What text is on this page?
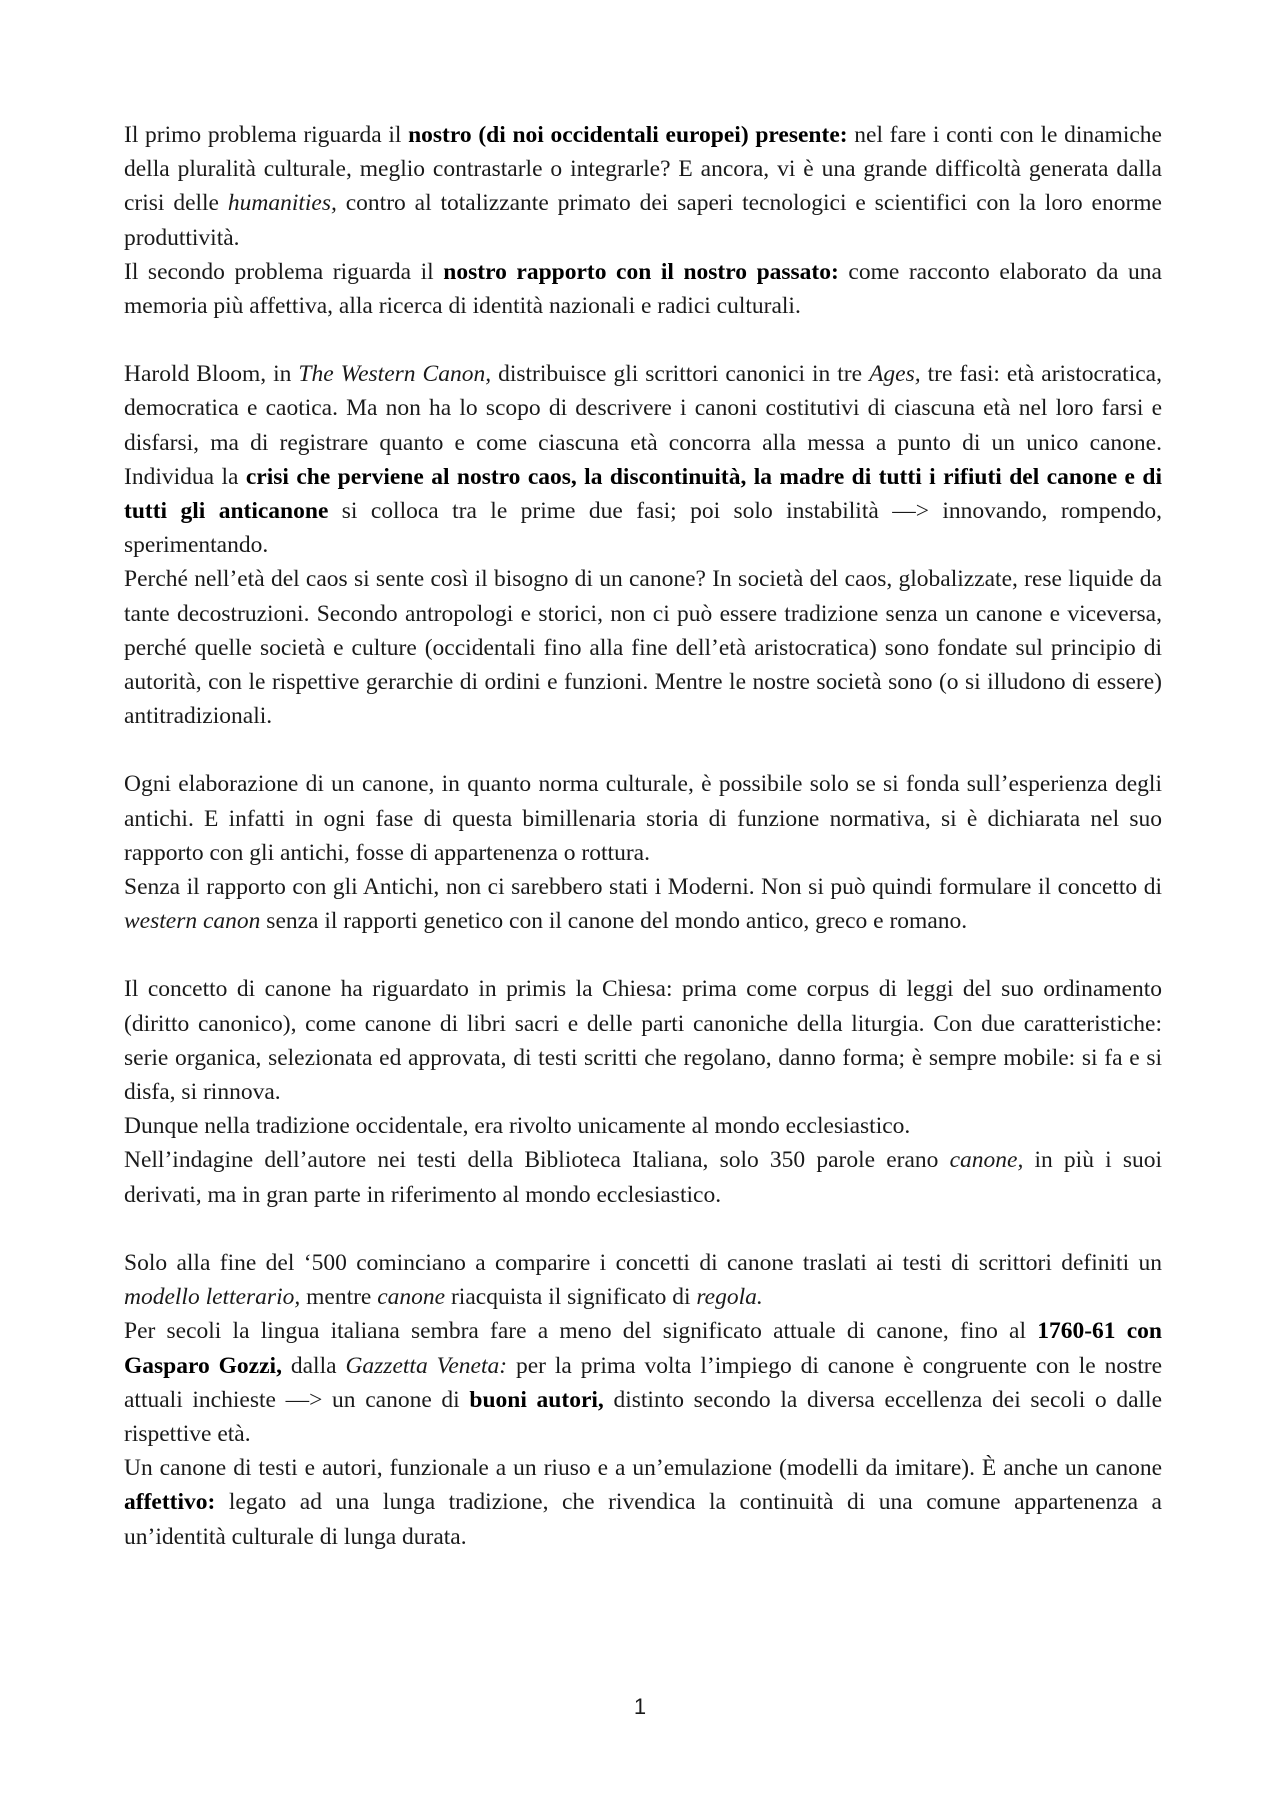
Il primo problema riguarda il nostro (di noi occidentali europei) presente: nel fare i conti con le dinamiche della pluralità culturale, meglio contrastarle o integrarle? E ancora, vi è una grande difficoltà generata dalla crisi delle humanities, contro al totalizzante primato dei saperi tecnologici e scientifici con la loro enorme produttività.

Il secondo problema riguarda il nostro rapporto con il nostro passato: come racconto elaborato da una memoria più affettiva, alla ricerca di identità nazionali e radici culturali.

Harold Bloom, in The Western Canon, distribuisce gli scrittori canonici in tre Ages, tre fasi: età aristocratica, democratica e caotica. Ma non ha lo scopo di descrivere i canoni costitutivi di ciascuna età nel loro farsi e disfarsi, ma di registrare quanto e come ciascuna età concorra alla messa a punto di un unico canone. Individua la crisi che perviene al nostro caos, la discontinuità, la madre di tutti i rifiuti del canone e di tutti gli anticanone si colloca tra le prime due fasi; poi solo instabilità —> innovando, rompendo, sperimentando.

Perché nell’età del caos si sente così il bisogno di un canone? In società del caos, globalizzate, rese liquide da tante decostruzioni. Secondo antropologi e storici, non ci può essere tradizione senza un canone e viceversa, perché quelle società e culture (occidentali fino alla fine dell’età aristocratica) sono fondate sul principio di autorità, con le rispettive gerarchie di ordini e funzioni. Mentre le nostre società sono (o si illudono di essere) antitradizionali.

Ogni elaborazione di un canone, in quanto norma culturale, è possibile solo se si fonda sull’esperienza degli antichi. E infatti in ogni fase di questa bimillenaria storia di funzione normativa, si è dichiarata nel suo rapporto con gli antichi, fosse di appartenenza o rottura.

Senza il rapporto con gli Antichi, non ci sarebbero stati i Moderni. Non si può quindi formulare il concetto di western canon senza il rapporti genetico con il canone del mondo antico, greco e romano.

Il concetto di canone ha riguardato in primis la Chiesa: prima come corpus di leggi del suo ordinamento (diritto canonico), come canone di libri sacri e delle parti canoniche della liturgia. Con due caratteristiche: serie organica, selezionata ed approvata, di testi scritti che regolano, danno forma; è sempre mobile: si fa e si disfa, si rinnova.

Dunque nella tradizione occidentale, era rivolto unicamente al mondo ecclesiastico.

Nell’indagine dell’autore nei testi della Biblioteca Italiana, solo 350 parole erano canone, in più i suoi derivati, ma in gran parte in riferimento al mondo ecclesiastico.

Solo alla fine del ‘500 cominciano a comparire i concetti di canone traslati ai testi di scrittori definiti un modello letterario, mentre canone riacquista il significato di regola.

Per secoli la lingua italiana sembra fare a meno del significato attuale di canone, fino al 1760-61 con Gasparo Gozzi, dalla Gazzetta Veneta: per la prima volta l’impiego di canone è congruente con le nostre attuali inchieste —> un canone di buoni autori, distinto secondo la diversa eccellenza dei secoli o dalle rispettive età.

Un canone di testi e autori, funzionale a un riuso e a un’emulazione (modelli da imitare). È anche un canone affettivo: legato ad una lunga tradizione, che rivendica la continuità di una comune appartenenza a un’identità culturale di lunga durata.

1
